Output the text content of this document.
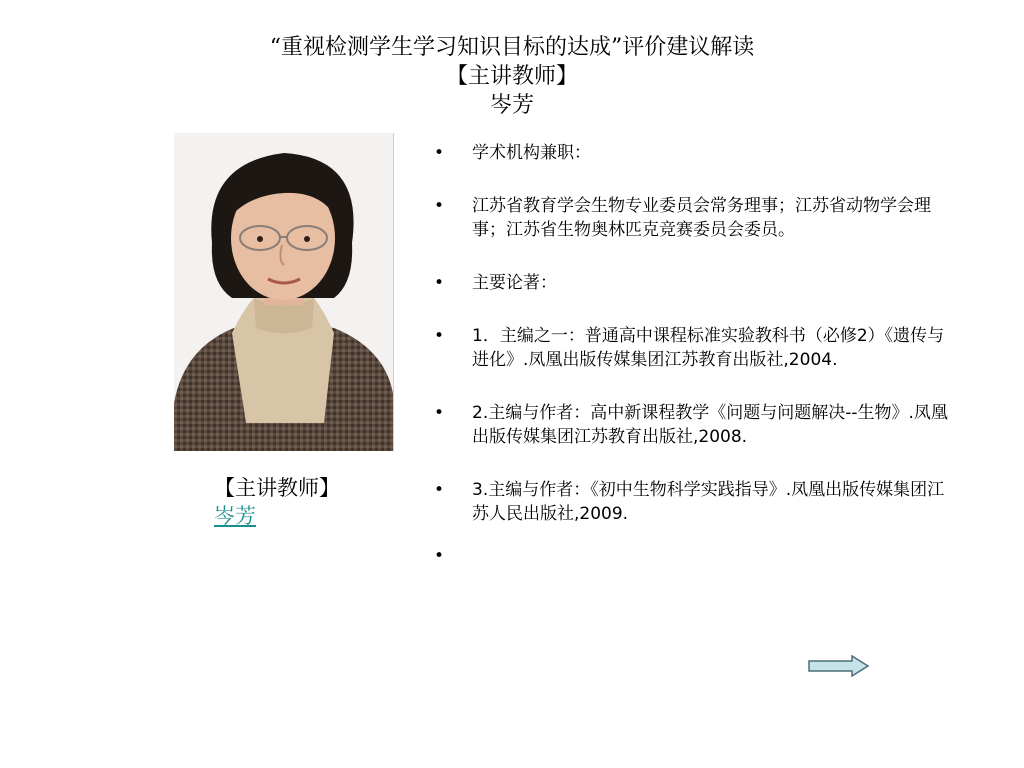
“重视检测学生学习知识目标的达成”评价建议解读
【主讲教师】
岑芳
【主讲教师】
岑芳
• 学术机构兼职：
• 江苏省教育学会生物专业委员会常务理事；江苏省动物学会理事；江苏省生物奥林匹克竞赛委员会委员。
• 主要论著：
• 1．主编之一：普通高中课程标准实验教科书（必修2）《遗传与进化》.凤凰出版传媒集团江苏教育出版社,2004.
• 2.主编与作者：高中新课程教学《问题与问题解决--生物》.凤凰出版传媒集团江苏教育出版社,2008.
• 3.主编与作者：《初中生物科学实践指导》.凤凰出版传媒集团江苏人民出版社,2009.
